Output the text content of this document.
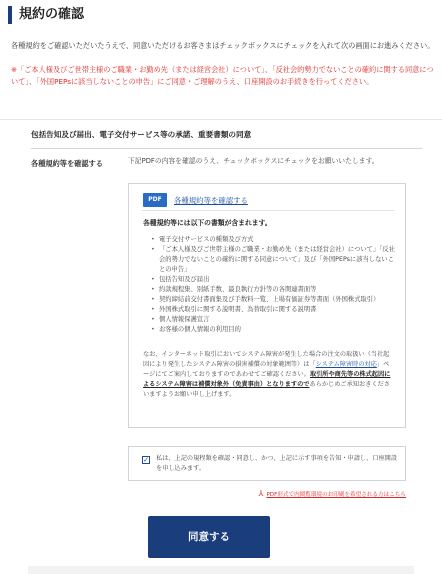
規約の確認
各種規約をご確認いただいたうえで、同意いただけるお客さまはチェックボックスにチェックを入れて次の画面にお進みください。
※「ご本人様及びご世帯主様のご職業・お勤め先（または経営会社）について」、「反社会的勢力でないことの確約に関する同意について」、「外国PEPsに該当しないことの申告」にご同意・ご理解のうえ、口座開設のお手続きを行ってください。
包括告知及び届出、電子交付サービス等の承諾、重要書類の同意
各種規約等を確認する	下記PDFの内容を確認のうえ、チェックボックスにチェックをお願いいたします。
PDF	各種規約等を確認する
各種規約等には以下の書類が含まれます。
• 電子交付サービスの種類及び方式
• 「ご本人様及びご世帯主様のご職業・お勤め先（または経営会社）について」「反社会的勢力でないことの確約に関する同意について」及び「外国PEPsに該当しないことの申告」
• 包括告知及び届出
• 約款規程集、別紙手数、最良執行方針等の各関連書面等
• 契約締結前交付書面集及び手数料一覧、上場有価証券等書面（外国株式取引）
• 外国株式取引に関する説明書、為替取引に関する説明書
• 個人情報保護宣言
• お客様の個人情報の利用目的
なお、インターネット取引においてシステム障害が発生した場合の注文の取扱い（当社起因により発生したシステム障害の損害補償の対象範囲等）は「システム障害時の対応」ページにてご案内しておりますのであわせてご確認ください。取引所や商先等の株式起因によるシステム障害は補償対象外（免責事由）となりますのであらかじめご承知おきくださいますようお願い申し上げます。
✓ 私は、上記の規程類を確認・同意し、かつ、上記に示す事項を告知・申請し、口座開設を申し込みます。
⅄ PDF形式で内閲覧環境のお印刷を希望される方はこちら
同意する
